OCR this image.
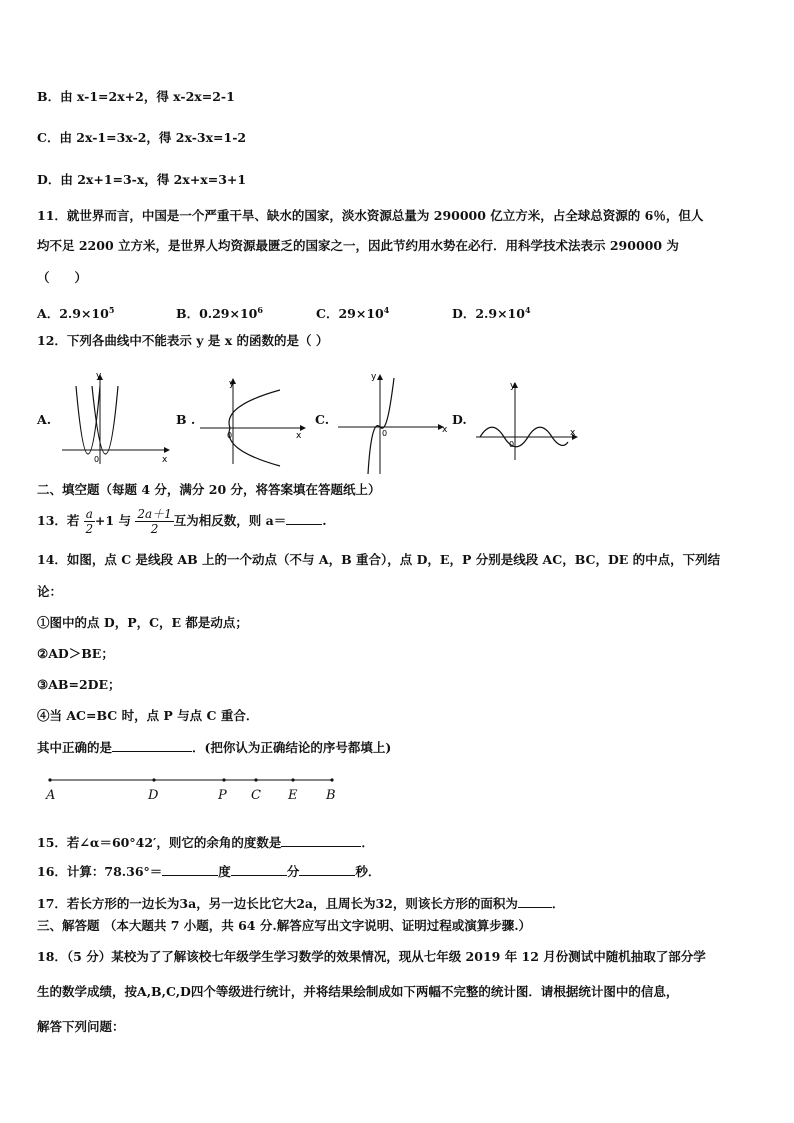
B．由 x-1=2x+2，得 x-2x=2-1
C．由 2x-1=3x-2，得 2x-3x=1-2
D．由 2x+1=3-x，得 2x+x=3+1
11．就世界而言，中国是一个严重干旱、缺水的国家，淡水资源总量为 290000 亿立方米，占全球总资源的 6％，但人
均不足 2200 立方米，是世界人均资源最匮乏的国家之一，因此节约用水势在必行．用科学技术法表示 290000 为
（　　）
A．$2.9\times 10^5$	B．$0.29\times 10^6$	C．$29\times 10^4$	D．$2.9\times 10^4$
12．下列各曲线中不能表示 y 是 x 的函数的是（ ）
A.
y
x
0
B .
y
x
0
C.
y
x
0
D.
y
x
0
二、填空题（每题 4 分，满分 20 分，将答案填在答题纸上）
13．若 $\frac{a}{2} +1$ 与 $\frac{2a+1}{2}$ 互为相反数，则 a＝	.
14．如图，点 C 是线段 AB 上的一个动点（不与 A，B 重合），点 D，E，P 分别是线段 AC，BC，DE 的中点，下列结
论：
①图中的点 D，P，C，E 都是动点；
②AD＞BE；
③AB=2DE；
④当 AC=BC 时，点 P 与点 C 重合．
其中正确的是	．(把你认为正确结论的序号都填上)
A	D	P C E B
15．若∠α＝60°42′，则它的余角的度数是	．
16．计算：78.36°＝	度	分	秒．
17．若长方形的一边长为3a，另一边长比它大2a，且周长为32，则该长方形的面积为	．
三、解答题 （本大题共 7 小题，共 64 分.解答应写出文字说明、证明过程或演算步骤.）
18．（5 分）某校为了了解该校七年级学生学习数学的效果情况，现从七年级 2019 年 12 月份测试中随机抽取了部分学
生的数学成绩，按A,B,C,D四个等级进行统计，并将结果绘制成如下两幅不完整的统计图．请根据统计图中的信息，
解答下列问题：
